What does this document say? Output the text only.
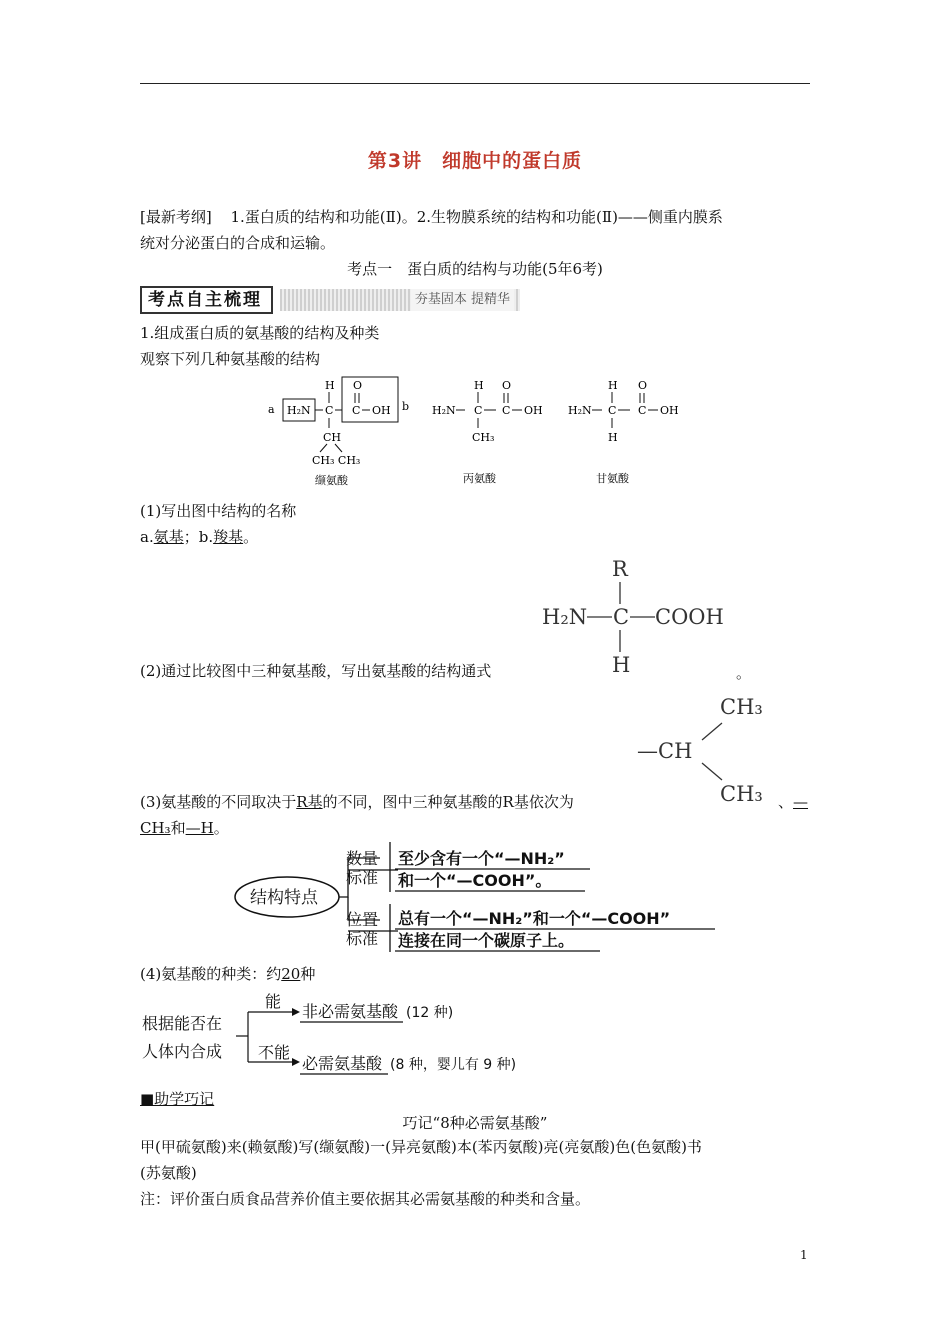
第3讲　细胞中的蛋白质
[最新考纲] 1.蛋白质的结构和功能(Ⅱ)。2.生物膜系统的结构和功能(Ⅱ)——侧重内膜系
统对分泌蛋白的合成和运输。
考点一　蛋白质的结构与功能(5年6考)
考点自主梳理	夯基固本 提精华
1.组成蛋白质的氨基酸的结构及种类
观察下列几种氨基酸的结构
a H₂N
H
C
O
C OH b
CH
CH₃ CH₃
缬氨酸
H₂N
H
C
O
C OH
CH₃
丙氨酸
H₂N
H
C
O
C OH
H
甘氨酸
(1)写出图中结构的名称
a.氨基；b.羧基。
R
H₂N C COOH
H
(2)通过比较图中三种氨基酸，写出氨基酸的结构通式	。
CH₃
—CH
CH₃
(3)氨基酸的不同取决于R基的不同，图中三种氨基酸的R基依次为	、—
CH₃和—H。
结构特点
数量
标准
至少含有一个“—NH₂”
和一个“—COOH”。
位置
标准
总有一个“—NH₂”和一个“—COOH”
连接在同一个碳原子上。
(4)氨基酸的种类：约20种
根据能否在
人体内合成
能
不能
非必需氨基酸 (12 种)
必需氨基酸 (8 种，婴儿有 9 种)
■助学巧记
巧记“8种必需氨基酸”
甲(甲硫氨酸)来(赖氨酸)写(缬氨酸)一(异亮氨酸)本(苯丙氨酸)亮(亮氨酸)色(色氨酸)书
(苏氨酸)
注：评价蛋白质食品营养价值主要依据其必需氨基酸的种类和含量。
1
